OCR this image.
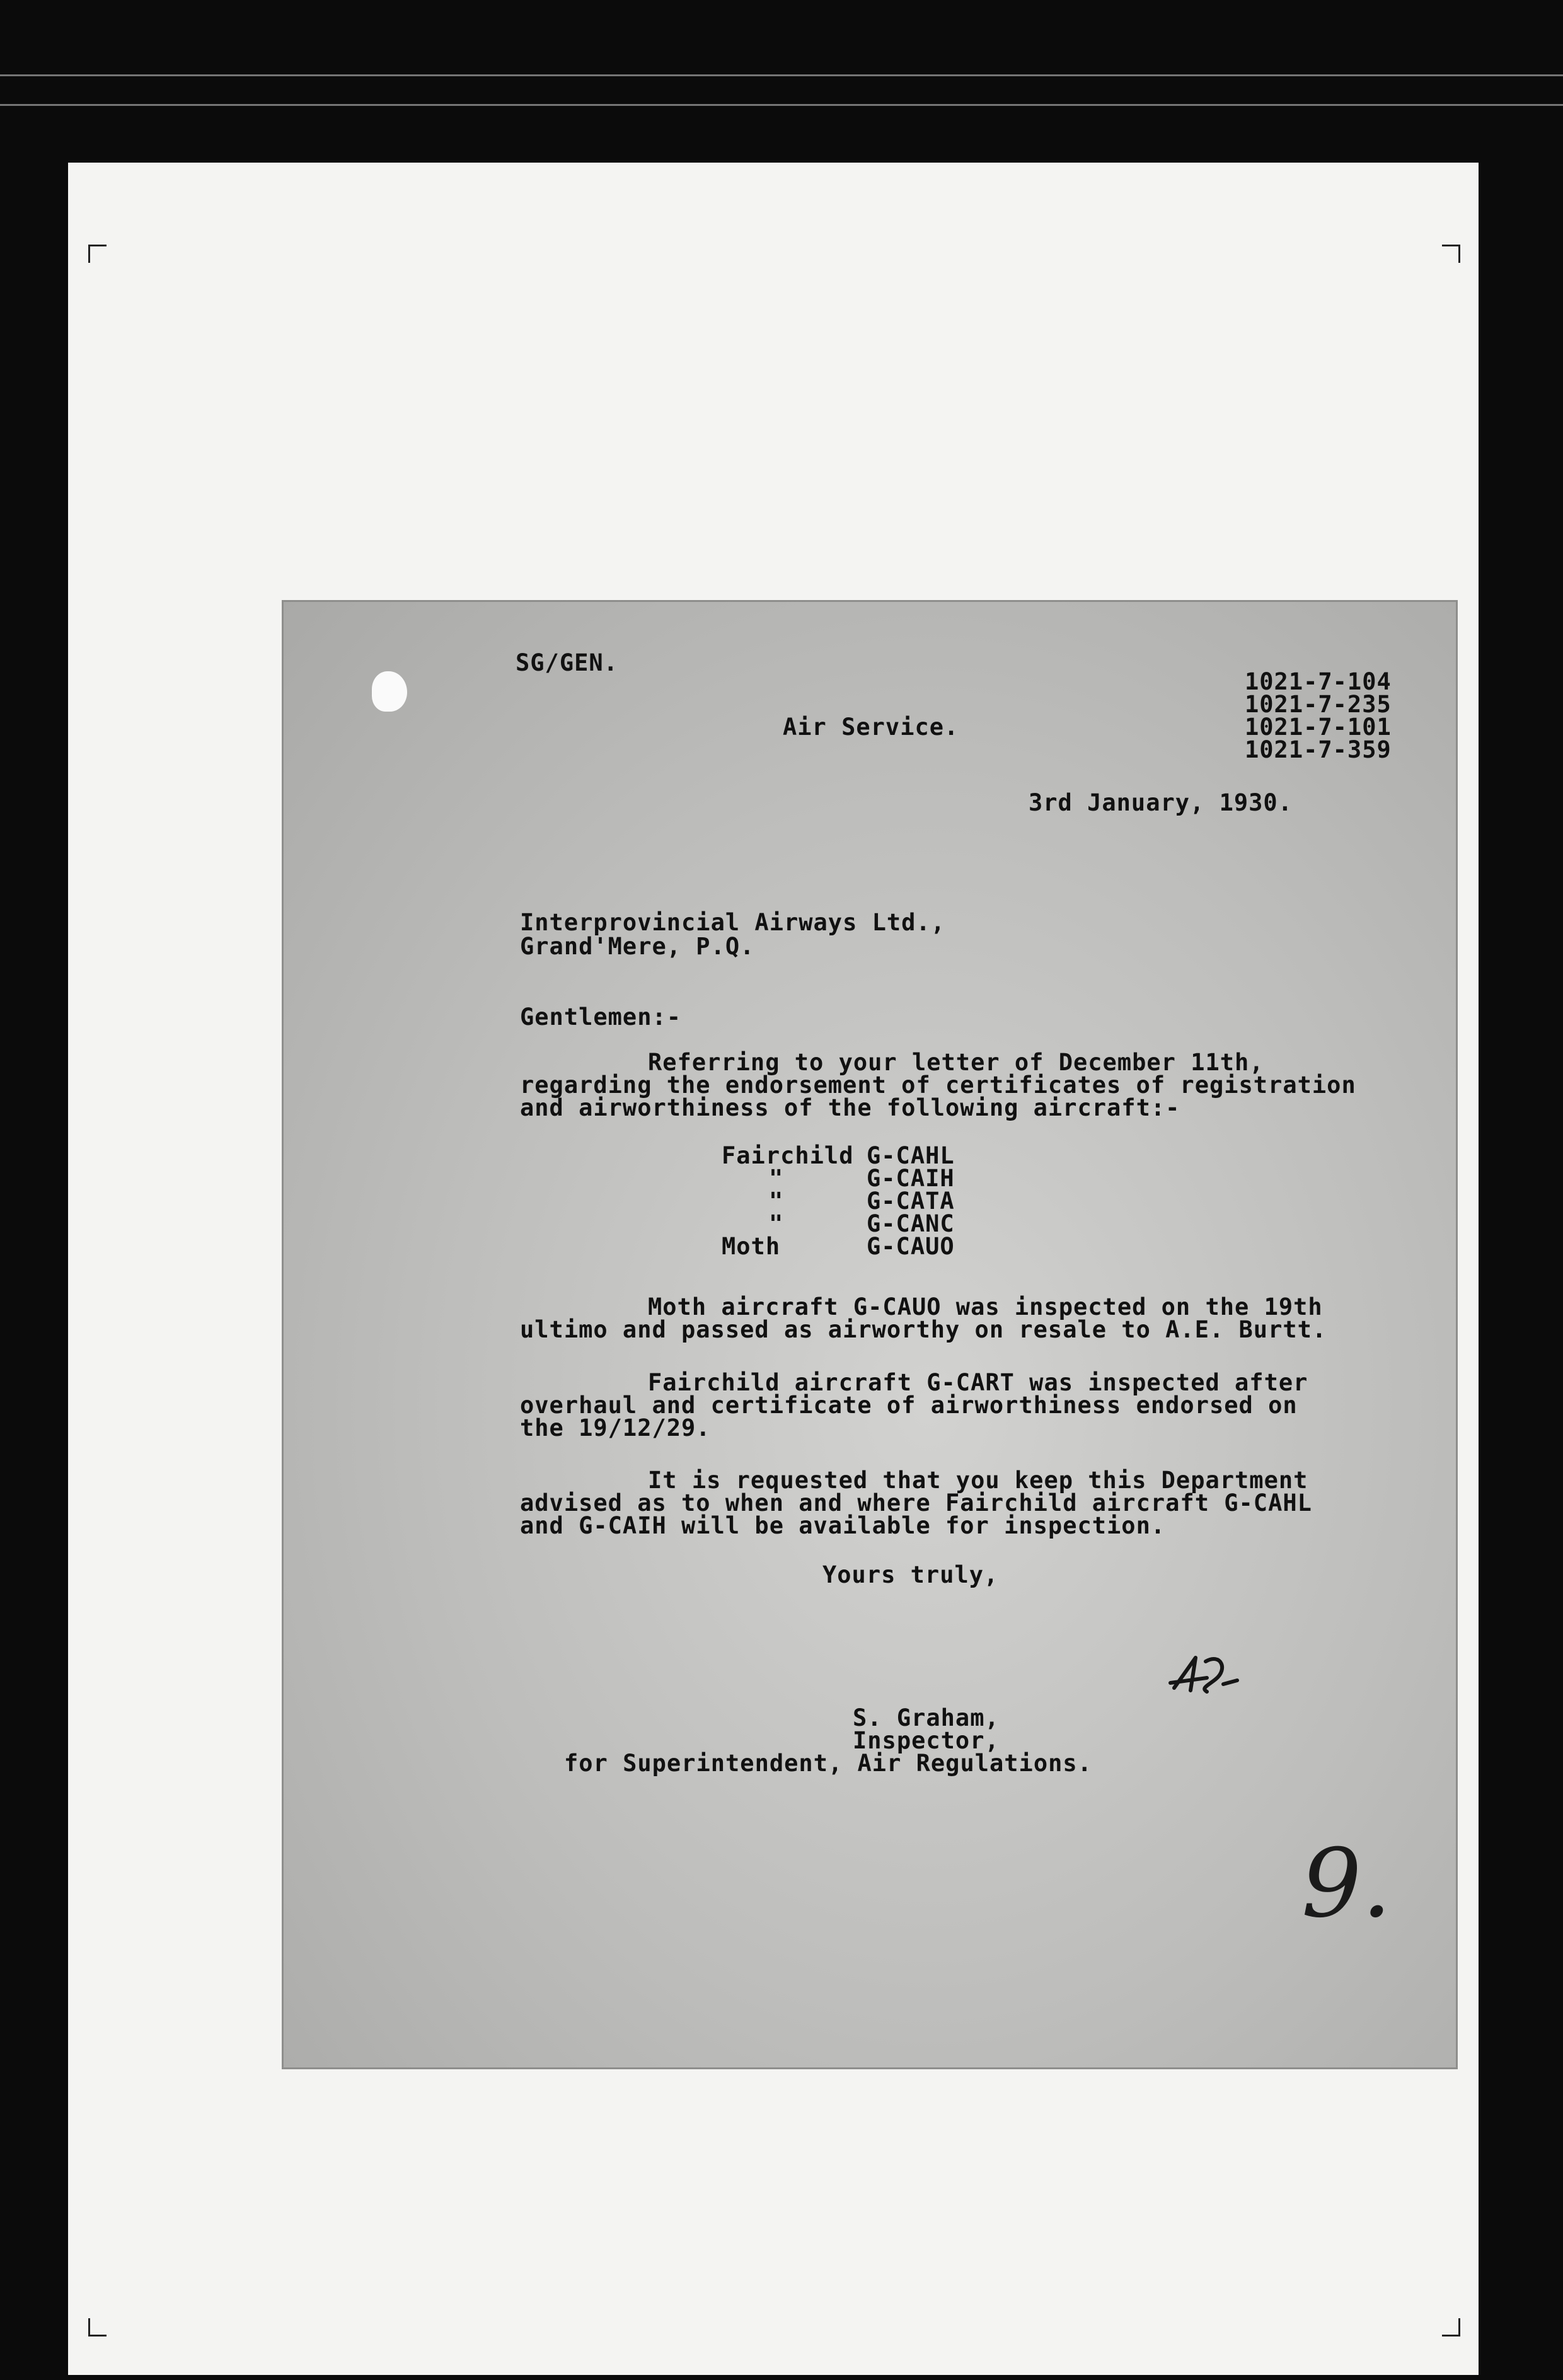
SG/GEN.
1021-7-104
1021-7-235
1021-7-101
1021-7-359
Air Service.
3rd January, 1930.
Interprovincial Airways Ltd.,
Grand'Mere, P.Q.
Gentlemen:-
Referring to your letter of December 11th,
regarding the endorsement of certificates of registration
and airworthiness of the following aircraft:-
Fairchild G-CAHL
"	G-CAIH
"	G-CATA
"	G-CANC
Moth	G-CAUO
Moth aircraft G-CAUO was inspected on the 19th
ultimo and passed as airworthy on resale to A.E. Burtt.
Fairchild aircraft G-CART was inspected after
overhaul and certificate of airworthiness endorsed on
the 19/12/29.
It is requested that you keep this Department
advised as to when and where Fairchild aircraft G-CAHL
and G-CAIH will be available for inspection.
Yours truly,
S. Graham,
Inspector,
for Superintendent, Air Regulations.
9.
